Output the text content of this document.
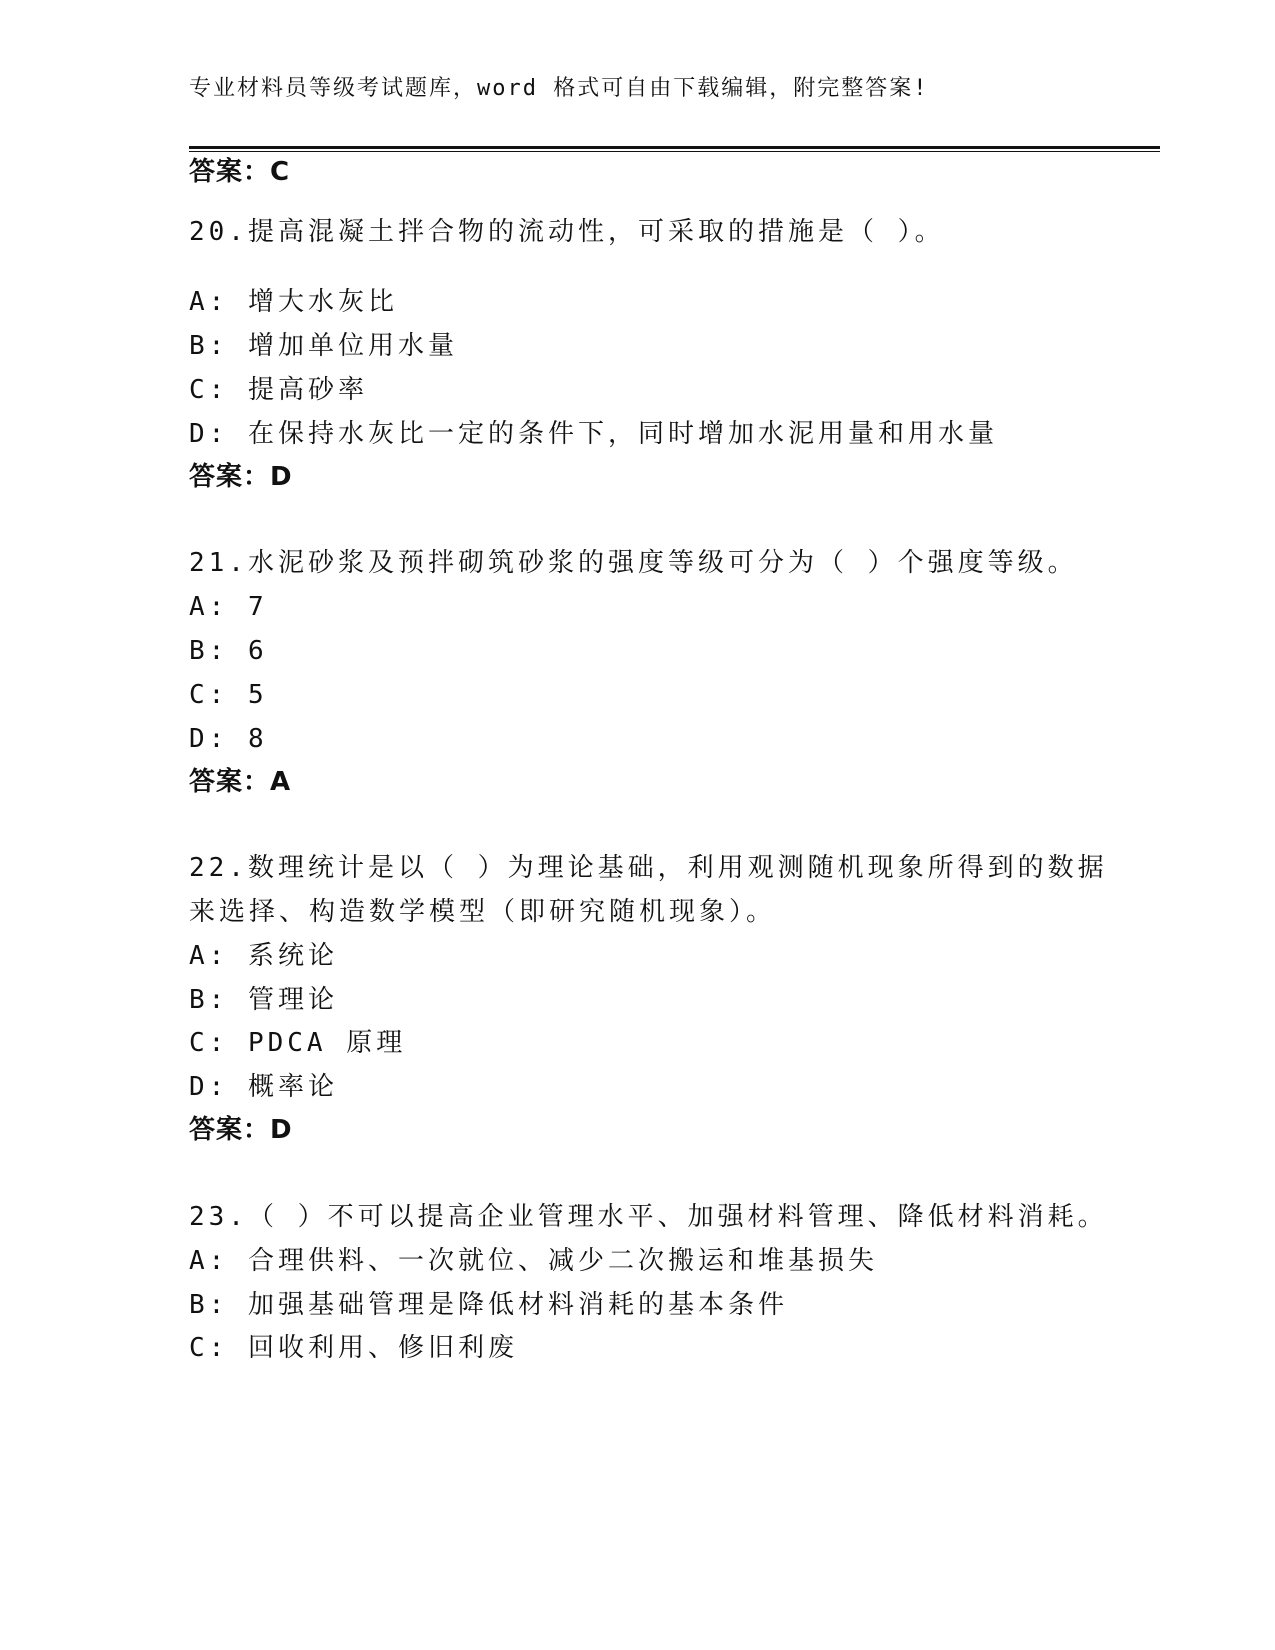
专业材料员等级考试题库，word 格式可自由下载编辑，附完整答案!
答案：C
20.提高混凝土拌合物的流动性，可采取的措施是（ ）。
A: 增大水灰比
B: 增加单位用水量
C: 提高砂率
D: 在保持水灰比一定的条件下，同时增加水泥用量和用水量
答案：D
21.水泥砂浆及预拌砌筑砂浆的强度等级可分为（ ）个强度等级。
A: 7
B: 6
C: 5
D: 8
答案：A
22.数理统计是以（ ）为理论基础，利用观测随机现象所得到的数据
来选择、构造数学模型（即研究随机现象）。
A: 系统论
B: 管理论
C: PDCA 原理
D: 概率论
答案：D
23.（ ）不可以提高企业管理水平、加强材料管理、降低材料消耗。
A: 合理供料、一次就位、减少二次搬运和堆基损失
B: 加强基础管理是降低材料消耗的基本条件
C: 回收利用、修旧利废
